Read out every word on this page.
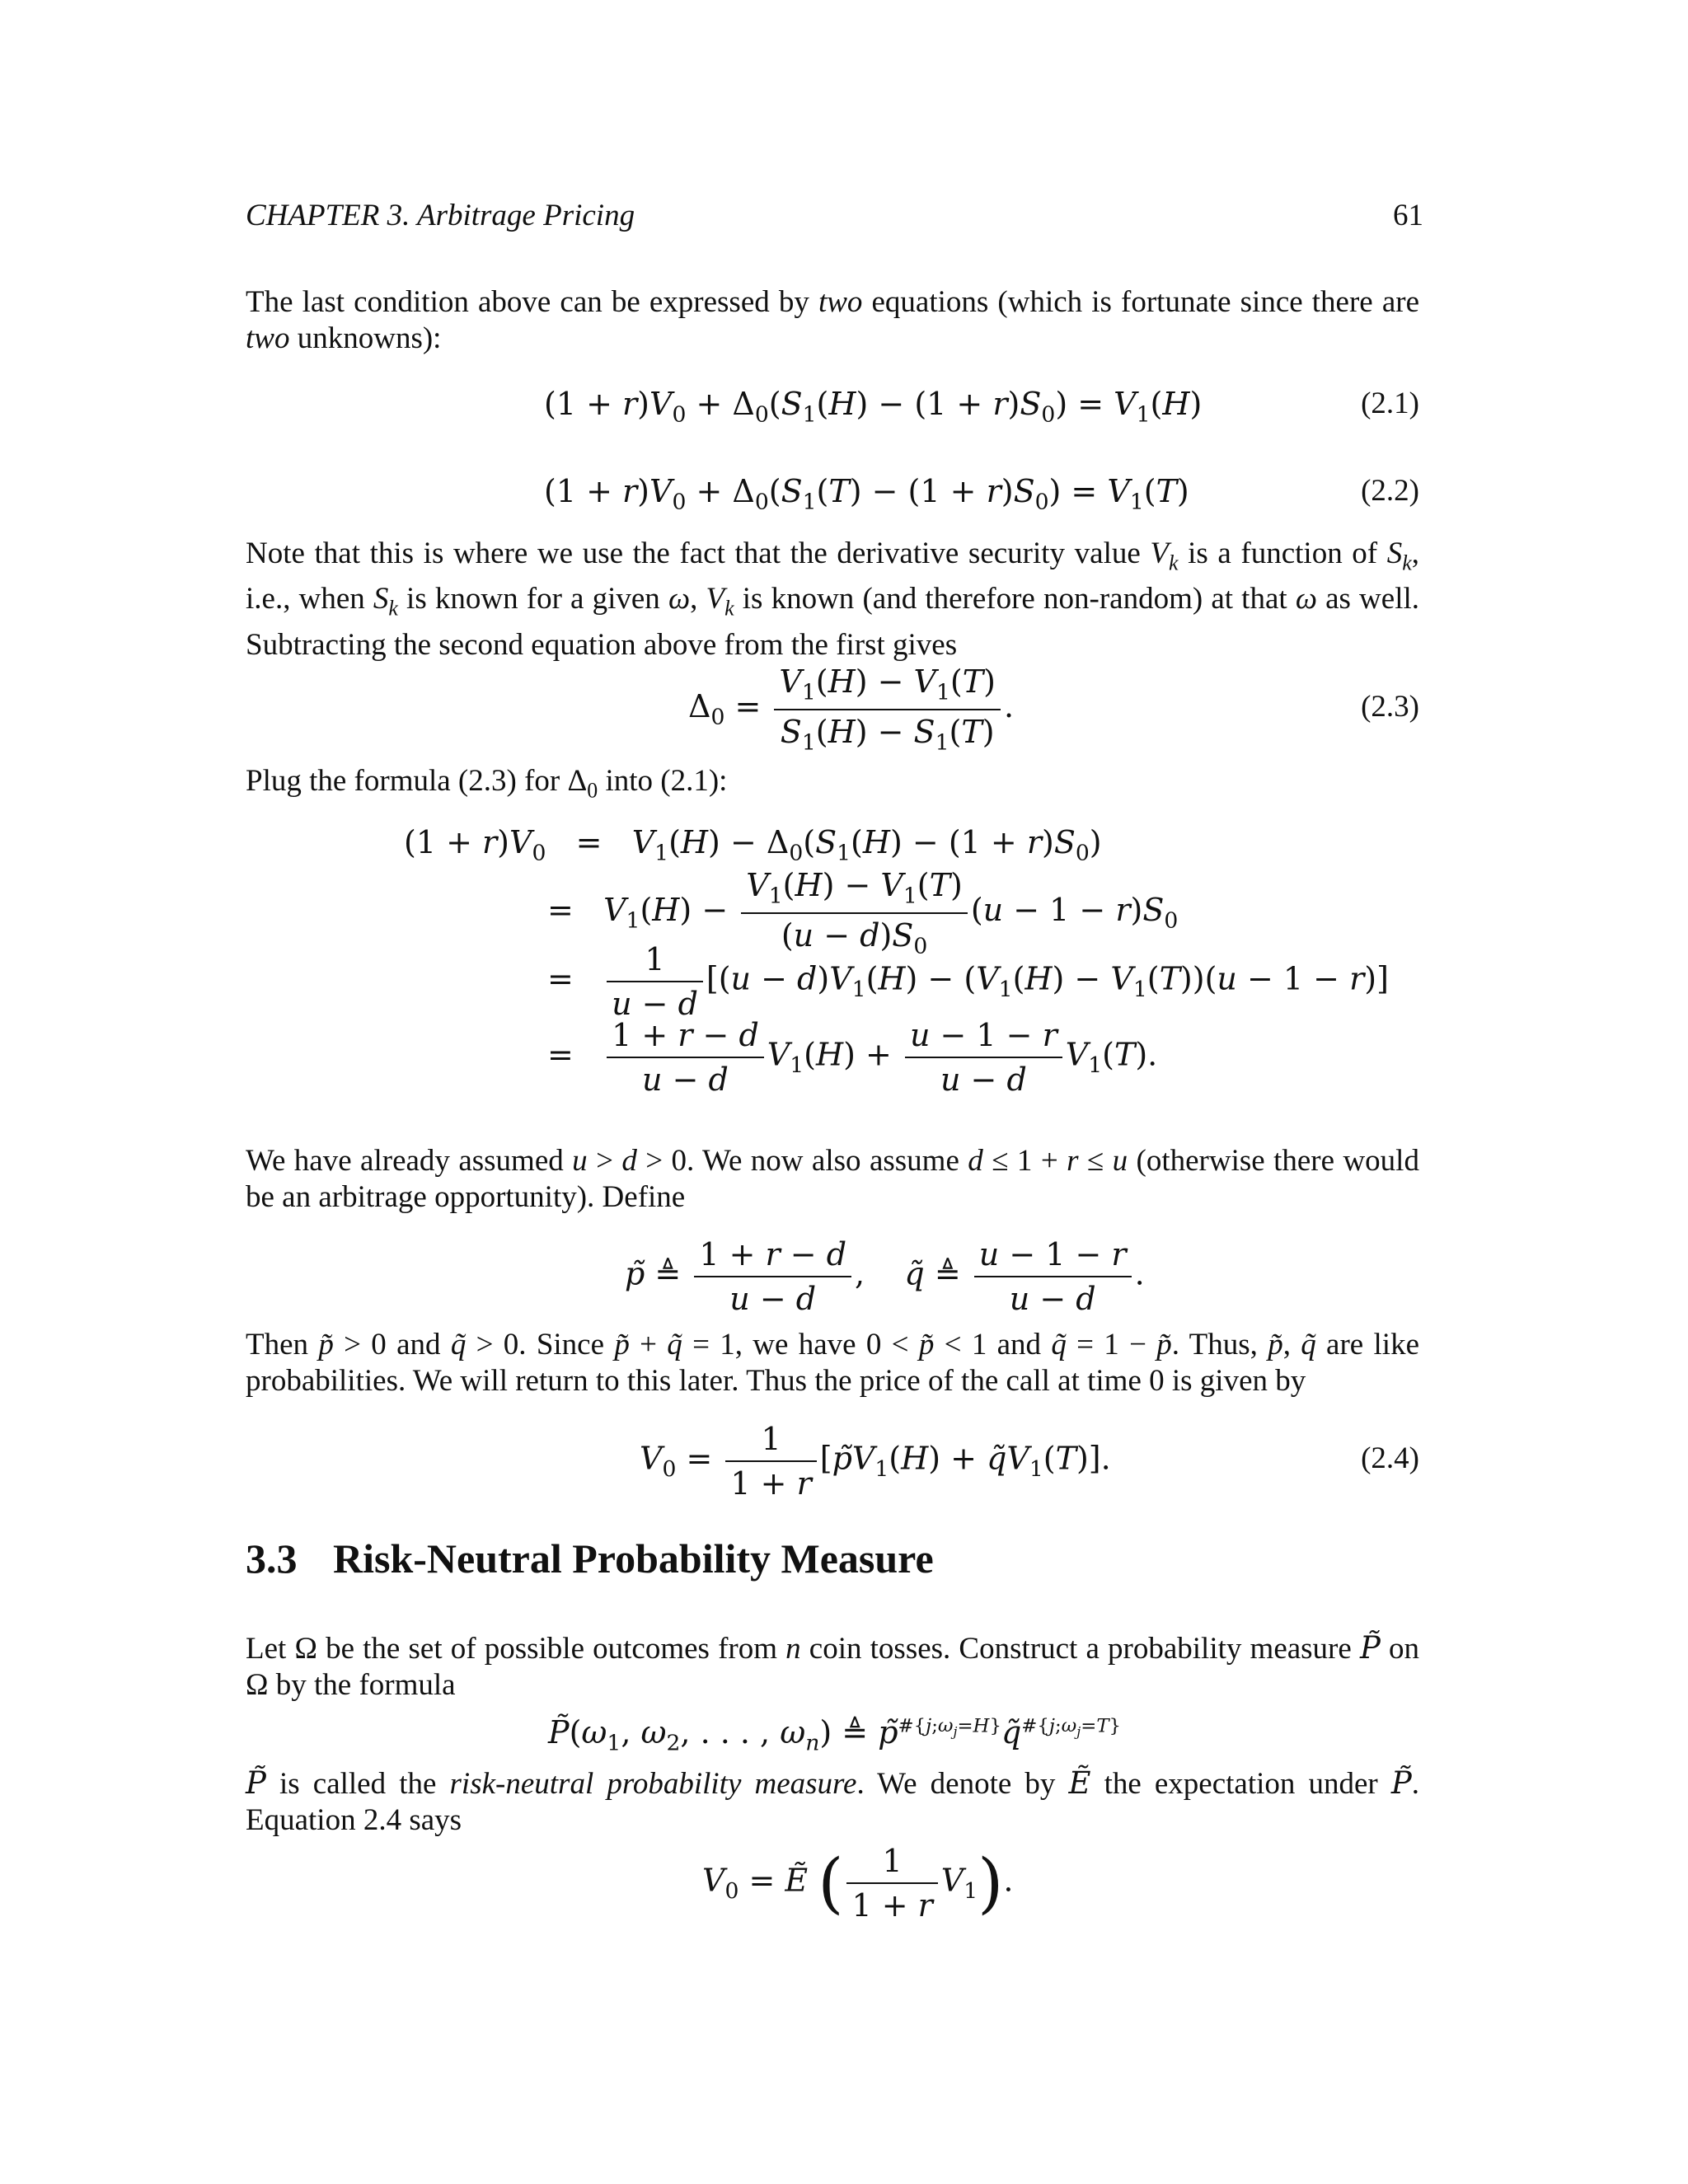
CHAPTER 3. Arbitrage Pricing	61
The last condition above can be expressed by two equations (which is fortunate since there are two unknowns):
$(1 + r)V_0 + \Delta_0(S_1(H) - (1 + r)S_0) = V_1(H)$	(2.1)
$(1 + r)V_0 + \Delta_0(S_1(T) - (1 + r)S_0) = V_1(T)$	(2.2)
Note that this is where we use the fact that the derivative security value $V_k$ is a function of $S_k$, i.e., when $S_k$ is known for a given ω, $V_k$ is known (and therefore non-random) at that ω as well. Subtracting the second equation above from the first gives
$\Delta_0 = \frac{V_1(H) - V_1(T)}{S_1(H) - S_1(T)}$ .	(2.3)
Plug the formula (2.3) for $\Delta_0$ into (2.1):
$(1 + r)V_0 = V_1(H) - \Delta_0(S_1(H) - (1 + r)S_0)$
=   $V_1(H) - \frac{V_1(H) - V_1(T)}{(u - d)S_0} (u - 1 - r)S_0$
= $\frac{1}{u - d} [(u - d)V_1(H) - (V_1(H) - V_1(T))(u - 1 - r)]$
= $\frac{1 + r - d}{u - d} V_1(H) + \frac{u - 1 - r}{u - d} V_1(T)$.
We have already assumed u > d > 0. We now also assume d ≤ 1 + r ≤ u (otherwise there would be an arbitrage opportunity). Define
p̃ ≜ $\frac{1 + r - d}{u - d}$ ,    q̃ ≜ $\frac{u - 1 - r}{u - d}$ .
Then p̃ > 0 and q̃ > 0. Since p̃ + q̃ = 1, we have 0 < p̃ < 1 and q̃ = 1 − p̃. Thus, p̃, q̃ are like probabilities. We will return to this later. Thus the price of the call at time 0 is given by
$V_0 = \frac{1}{1 + r}$ [$p̃V_1(H)$ + $q̃V_1(T)$].	(2.4)
3.3 Risk-Neutral Probability Measure
Let Ω be the set of possible outcomes from n coin tosses. Construct a probability measure P̃ on Ω by the formula
$P̃(\omega_1$, $\omega_2$, . . . , $\omega_n$) ≜ p̃$^{\#\{j;\omega_j=H\}}$q̃$^{\#\{j;\omega_j=T\}}$
P̃ is called the risk-neutral probability measure. We denote by Ẽ the expectation under P̃. Equation 2.4 says
$V_0$ = Ẽ ( $\frac{1}{1 + r} V_1$).
